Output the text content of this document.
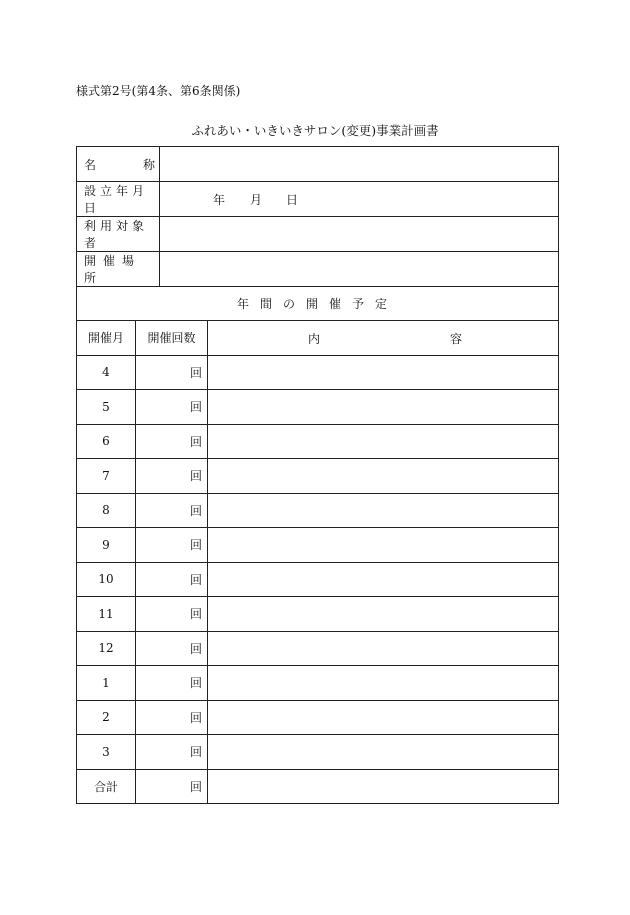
様式第2号(第4条、第6条関係)
ふれあい・いきいきサロン(変更)事業計画書
名 称			

設立年月日		年 月 日	

利用対象者			
開催場所			
年間の開催予定			
開催月	開催回数		内 容

4	回		
5	回		
6	回		
7	回		
8	回		
9	回		
10	回		
11	回		
12	回		
1	回		
2	回		
3	回		
合計	回		
